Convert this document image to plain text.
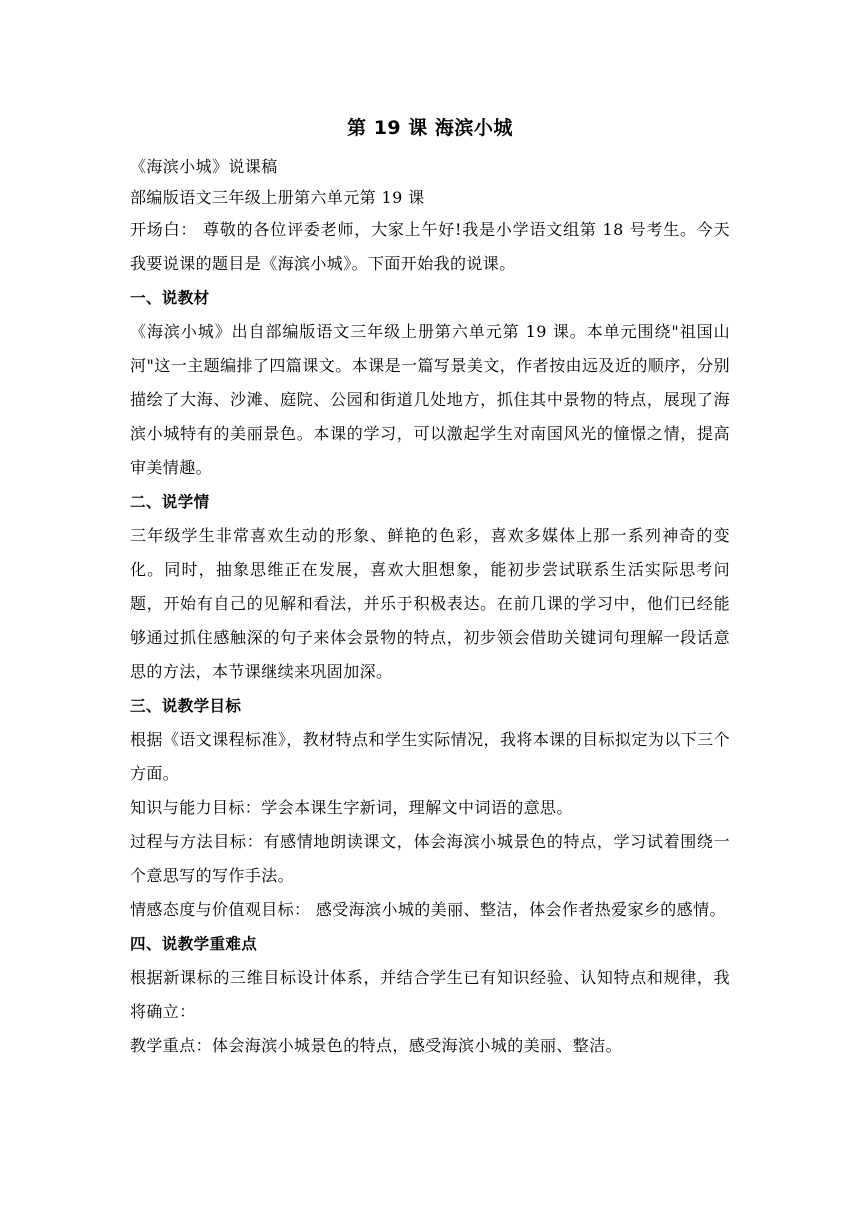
第 19 课 海滨小城

《海滨小城》说课稿

部编版语文三年级上册第六单元第 19 课

开场白： 尊敬的各位评委老师，大家上午好!我是小学语文组第 18 号考生。今天我要说课的题目是《海滨小城》。下面开始我的说课。

一、说教材

《海滨小城》出自部编版语文三年级上册第六单元第 19 课。本单元围绕"祖国山河"这一主题编排了四篇课文。本课是一篇写景美文，作者按由远及近的顺序，分别描绘了大海、沙滩、庭院、公园和街道几处地方，抓住其中景物的特点，展现了海滨小城特有的美丽景色。本课的学习，可以激起学生对南国风光的憧憬之情，提高审美情趣。

二、说学情

三年级学生非常喜欢生动的形象、鲜艳的色彩，喜欢多媒体上那一系列神奇的变化。同时，抽象思维正在发展，喜欢大胆想象，能初步尝试联系生活实际思考问题，开始有自己的见解和看法，并乐于积极表达。在前几课的学习中，他们已经能够通过抓住感触深的句子来体会景物的特点，初步领会借助关键词句理解一段话意思的方法，本节课继续来巩固加深。

三、说教学目标

根据《语文课程标准》，教材特点和学生实际情况，我将本课的目标拟定为以下三个方面。

知识与能力目标：学会本课生字新词，理解文中词语的意思。

过程与方法目标：有感情地朗读课文，体会海滨小城景色的特点，学习试着围绕一个意思写的写作手法。

情感态度与价值观目标： 感受海滨小城的美丽、整洁，体会作者热爱家乡的感情。

四、说教学重难点

根据新课标的三维目标设计体系，并结合学生已有知识经验、认知特点和规律，我将确立：

教学重点：体会海滨小城景色的特点，感受海滨小城的美丽、整洁。
